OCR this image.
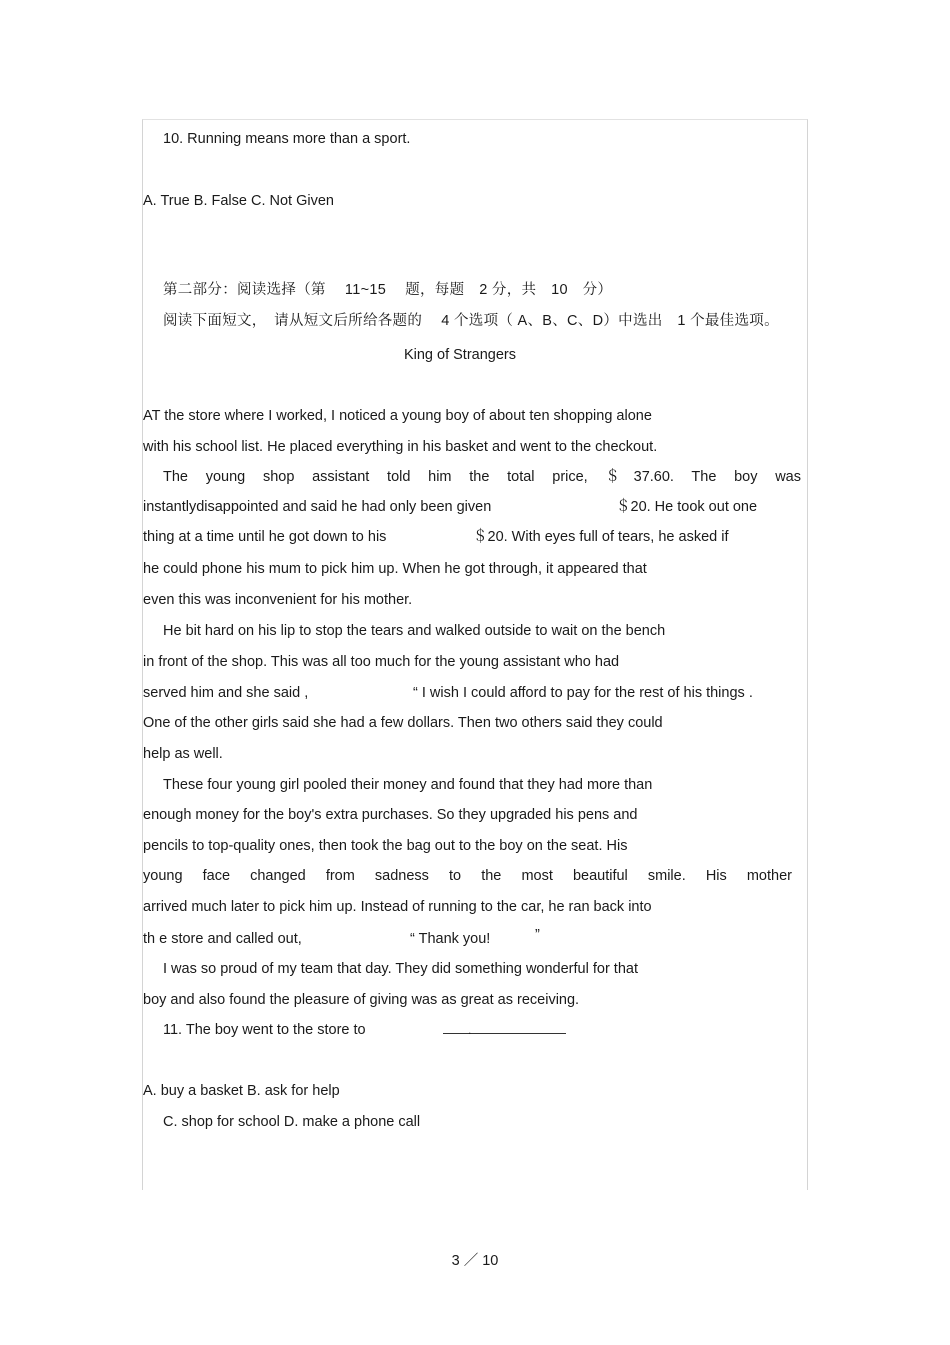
10. Running means more than a sport.
A. True B. False C. Not Given
第二部分：阅读选择（第　 11~15　 题，每题　2 分，共　10　分）
阅读下面短文，　请从短文后所给各题的　 4 个选项（ A、B、C、D）中选出　1 个最佳选项。
King of Strangers
AT the store where I worked, I noticed a young boy of about ten shopping alone
with his school list. He placed everything in his basket and went to the checkout.
The young shop assistant told him the total price, ＄37.60. The boy was
instantlydisappointed and said he had only been given	＄20. He took out one
thing at a time until he got down to his	＄20. With eyes full of tears, he asked if
he could phone his mum to pick him up. When he got through, it appeared that
even this was inconvenient for his mother.
He bit hard on his lip to stop the tears and walked outside to wait on the bench
in front of the shop. This was all too much for the young assistant who had
served him and she said ,	“ I wish I could afford to pay for the rest of his things .
One of the other girls said she had a few dollars. Then two others said they could
help as well.
These four young girl pooled their money and found that they had more than
enough money for the boy's extra purchases. So they upgraded his pens and
pencils to top-quality ones, then took the bag out to the boy on the seat. His
young face changed from sadness to the most beautiful smile. His mother
arrived much later to pick him up. Instead of running to the car, he ran back into
th e store and called out,	“ Thank you!	”
I was so proud of my team that day. They did something wonderful for that
boy and also found the pleasure of giving was as great as receiving.
11. The boy went to the store to	.
A. buy a basket B. ask for help
C. shop for school D. make a phone call
3 ／ 10
